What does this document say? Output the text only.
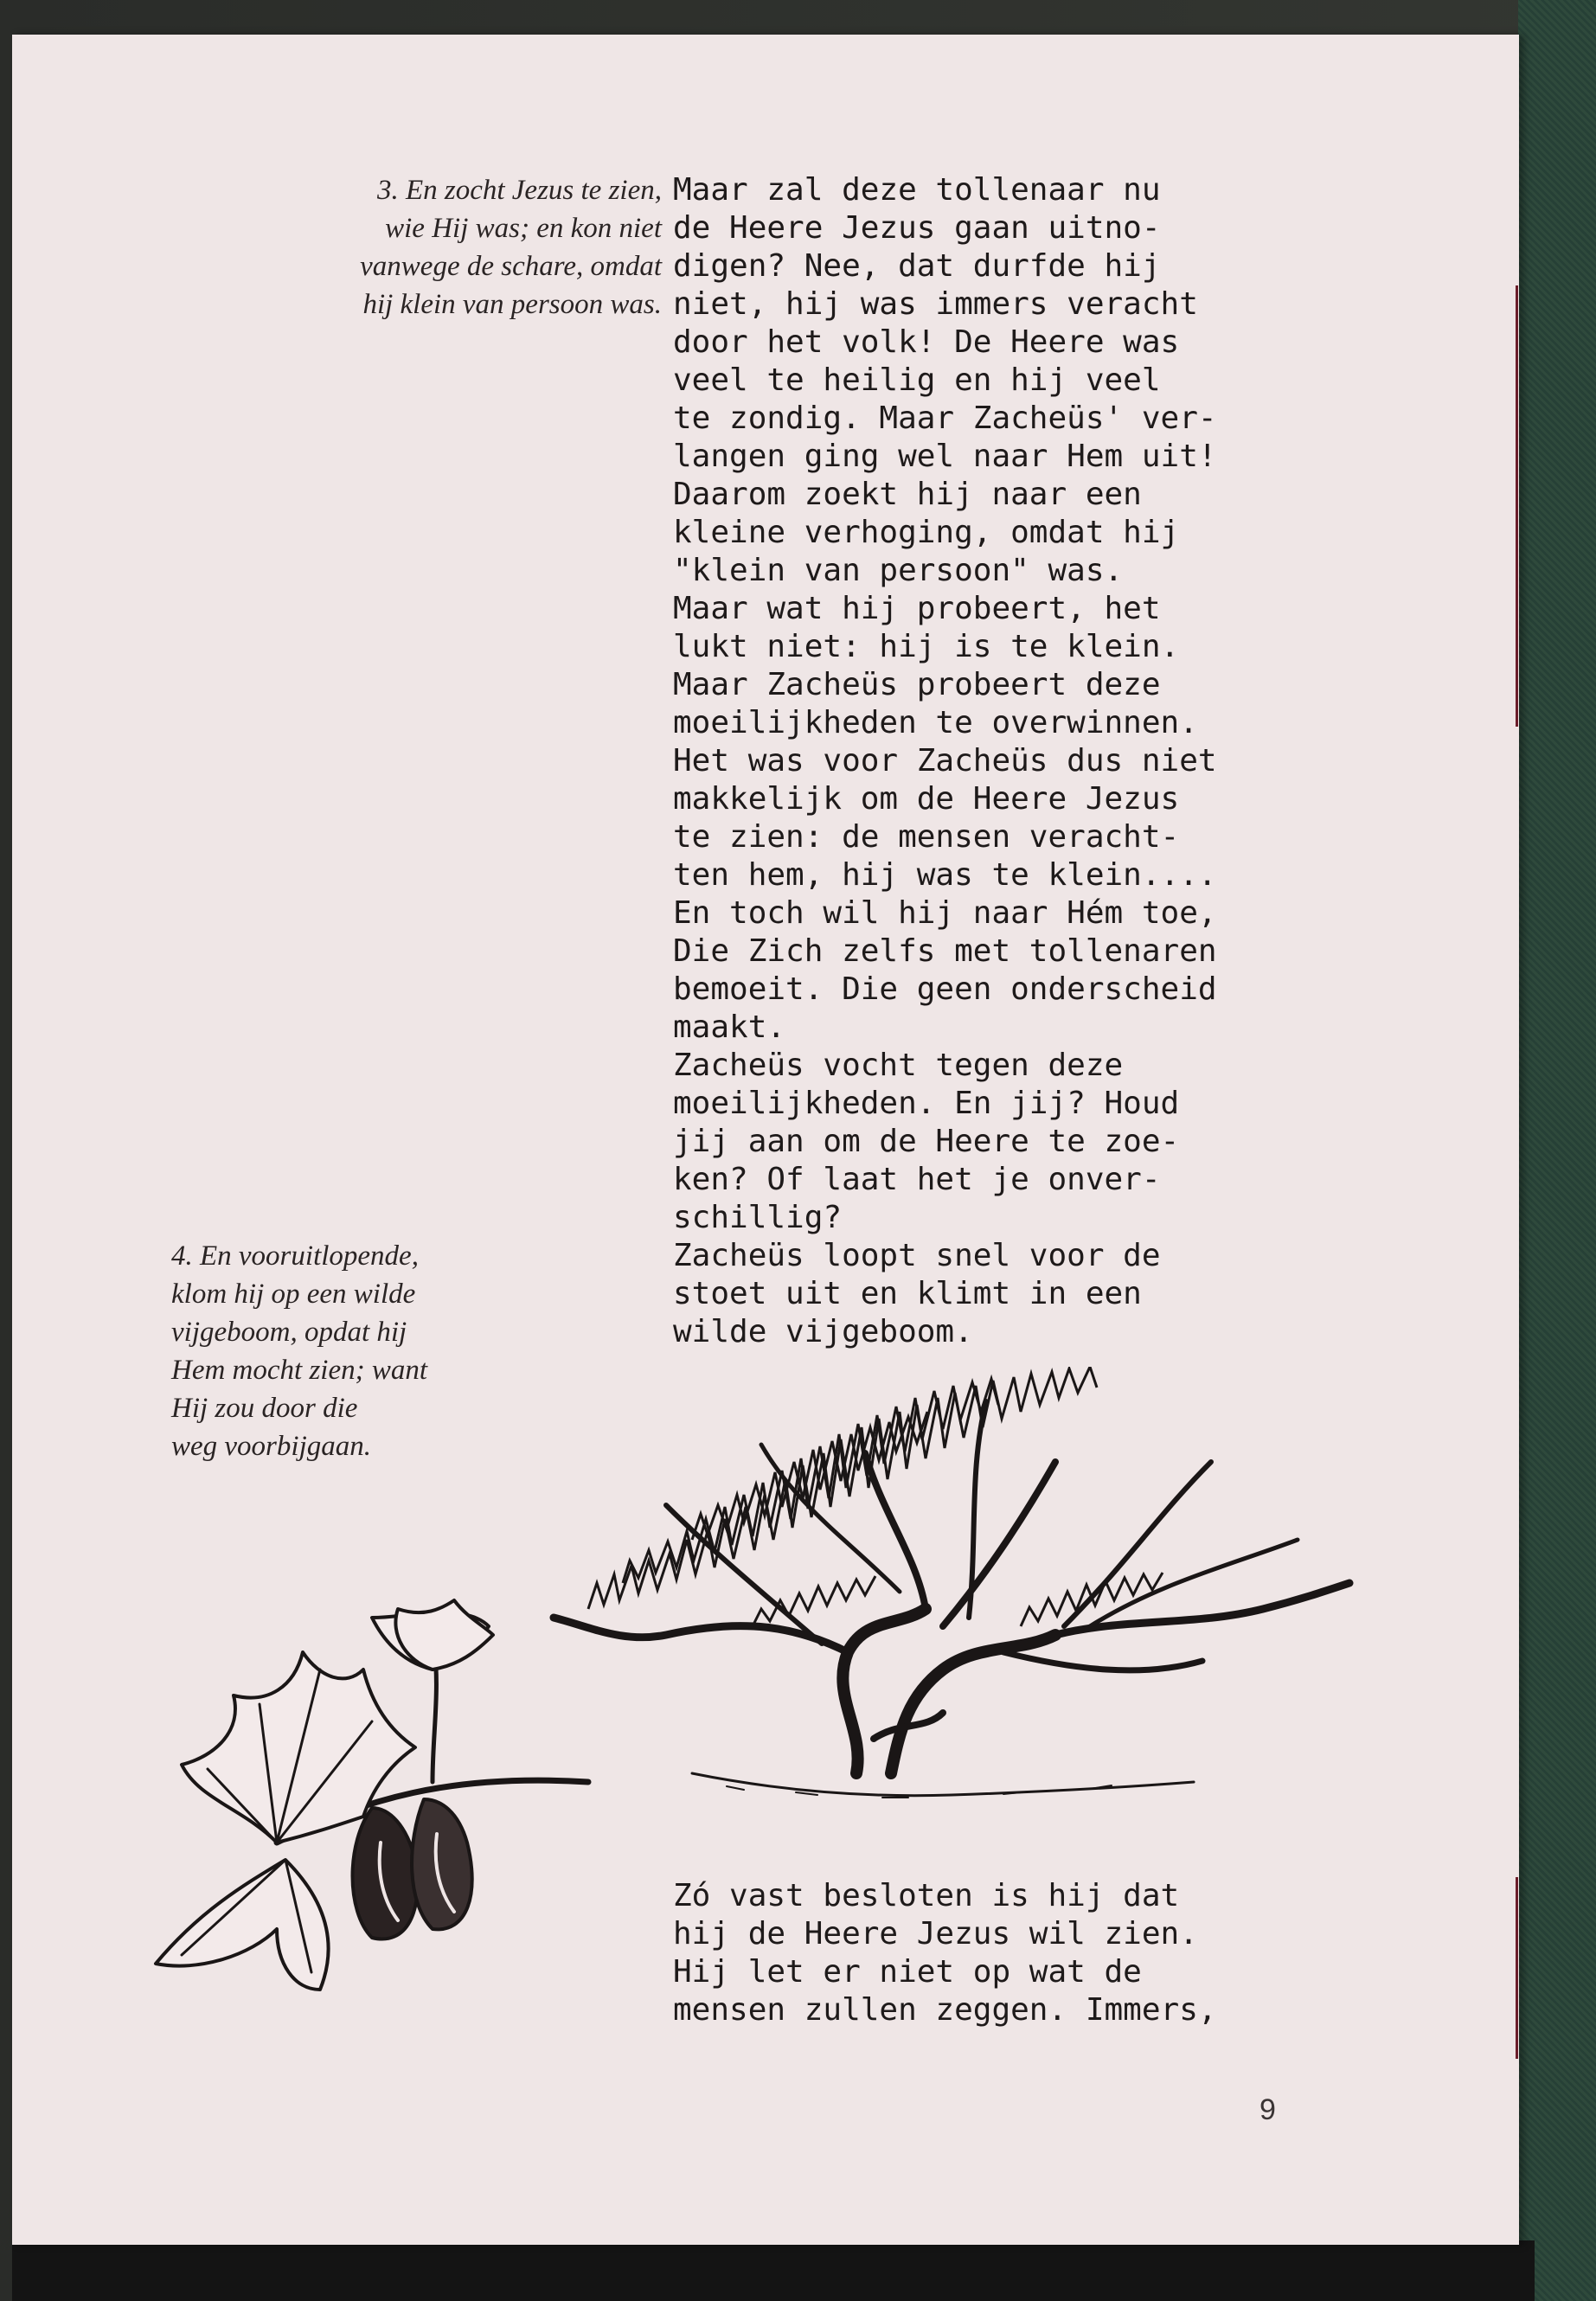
3. En zocht Jezus te zien,
wie Hij was; en kon niet
vanwege de schare, omdat
hij klein van persoon was.
Maar zal deze tollenaar nu
de Heere Jezus gaan uitno-
digen? Nee, dat durfde hij
niet, hij was immers veracht
door het volk! De Heere was
veel te heilig en hij veel
te zondig. Maar Zacheüs' ver-
langen ging wel naar Hem uit!
Daarom zoekt hij naar een
kleine verhoging, omdat hij
"klein van persoon" was.
Maar wat hij probeert, het
lukt niet: hij is te klein.
Maar Zacheüs probeert deze
moeilijkheden te overwinnen.
Het was voor Zacheüs dus niet
makkelijk om de Heere Jezus
te zien: de mensen veracht-
ten hem, hij was te klein....
En toch wil hij naar Hém toe,
Die Zich zelfs met tollenaren
bemoeit. Die geen onderscheid
maakt.
Zacheüs vocht tegen deze
moeilijkheden. En jij? Houd
jij aan om de Heere te zoe-
ken? Of laat het je onver-
schillig?
Zacheüs loopt snel voor de
stoet uit en klimt in een
wilde vijgeboom.
4. En vooruitlopende,
klom hij op een wilde
vijgeboom, opdat hij
Hem mocht zien; want
Hij zou door die
weg voorbijgaan.
Zó vast besloten is hij dat
hij de Heere Jezus wil zien.
Hij let er niet op wat de
mensen zullen zeggen. Immers,
9
